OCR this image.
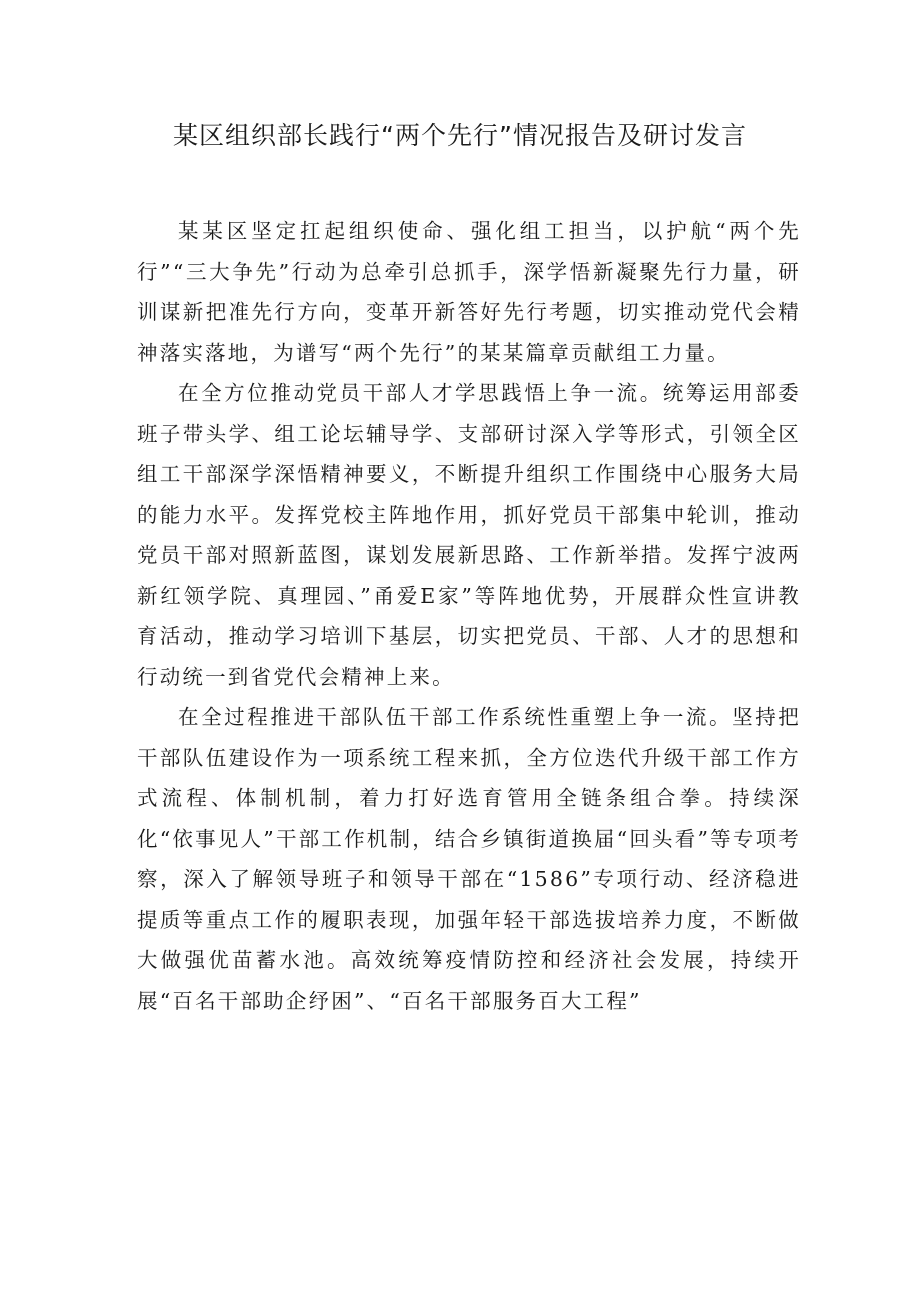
某区组织部长践行“两个先行”情况报告及研讨发言

某某区坚定扛起组织使命、强化组工担当，以护航“两个先行”“三大争先”行动为总牵引总抓手，深学悟新凝聚先行力量，研训谋新把准先行方向，变革开新答好先行考题，切实推动党代会精神落实落地，为谱写“两个先行”的某某篇章贡献组工力量。

在全方位推动党员干部人才学思践悟上争一流。统筹运用部委班子带头学、组工论坛辅导学、支部研讨深入学等形式，引领全区组工干部深学深悟精神要义，不断提升组织工作围绕中心服务大局的能力水平。发挥党校主阵地作用，抓好党员干部集中轮训，推动党员干部对照新蓝图，谋划发展新思路、工作新举措。发挥宁波两新红领学院、真理园、”甬爱E家”等阵地优势，开展群众性宣讲教育活动，推动学习培训下基层，切实把党员、干部、人才的思想和行动统一到省党代会精神上来。

在全过程推进干部队伍干部工作系统性重塑上争一流。坚持把干部队伍建设作为一项系统工程来抓，全方位迭代升级干部工作方式流程、体制机制，着力打好选育管用全链条组合拳。持续深化“依事见人”干部工作机制，结合乡镇街道换届“回头看”等专项考察，深入了解领导班子和领导干部在“1586”专项行动、经济稳进提质等重点工作的履职表现，加强年轻干部选拔培养力度，不断做大做强优苗蓄水池。高效统筹疫情防控和经济社会发展，持续开展“百名干部助企纾困”、“百名干部服务百大工程”
